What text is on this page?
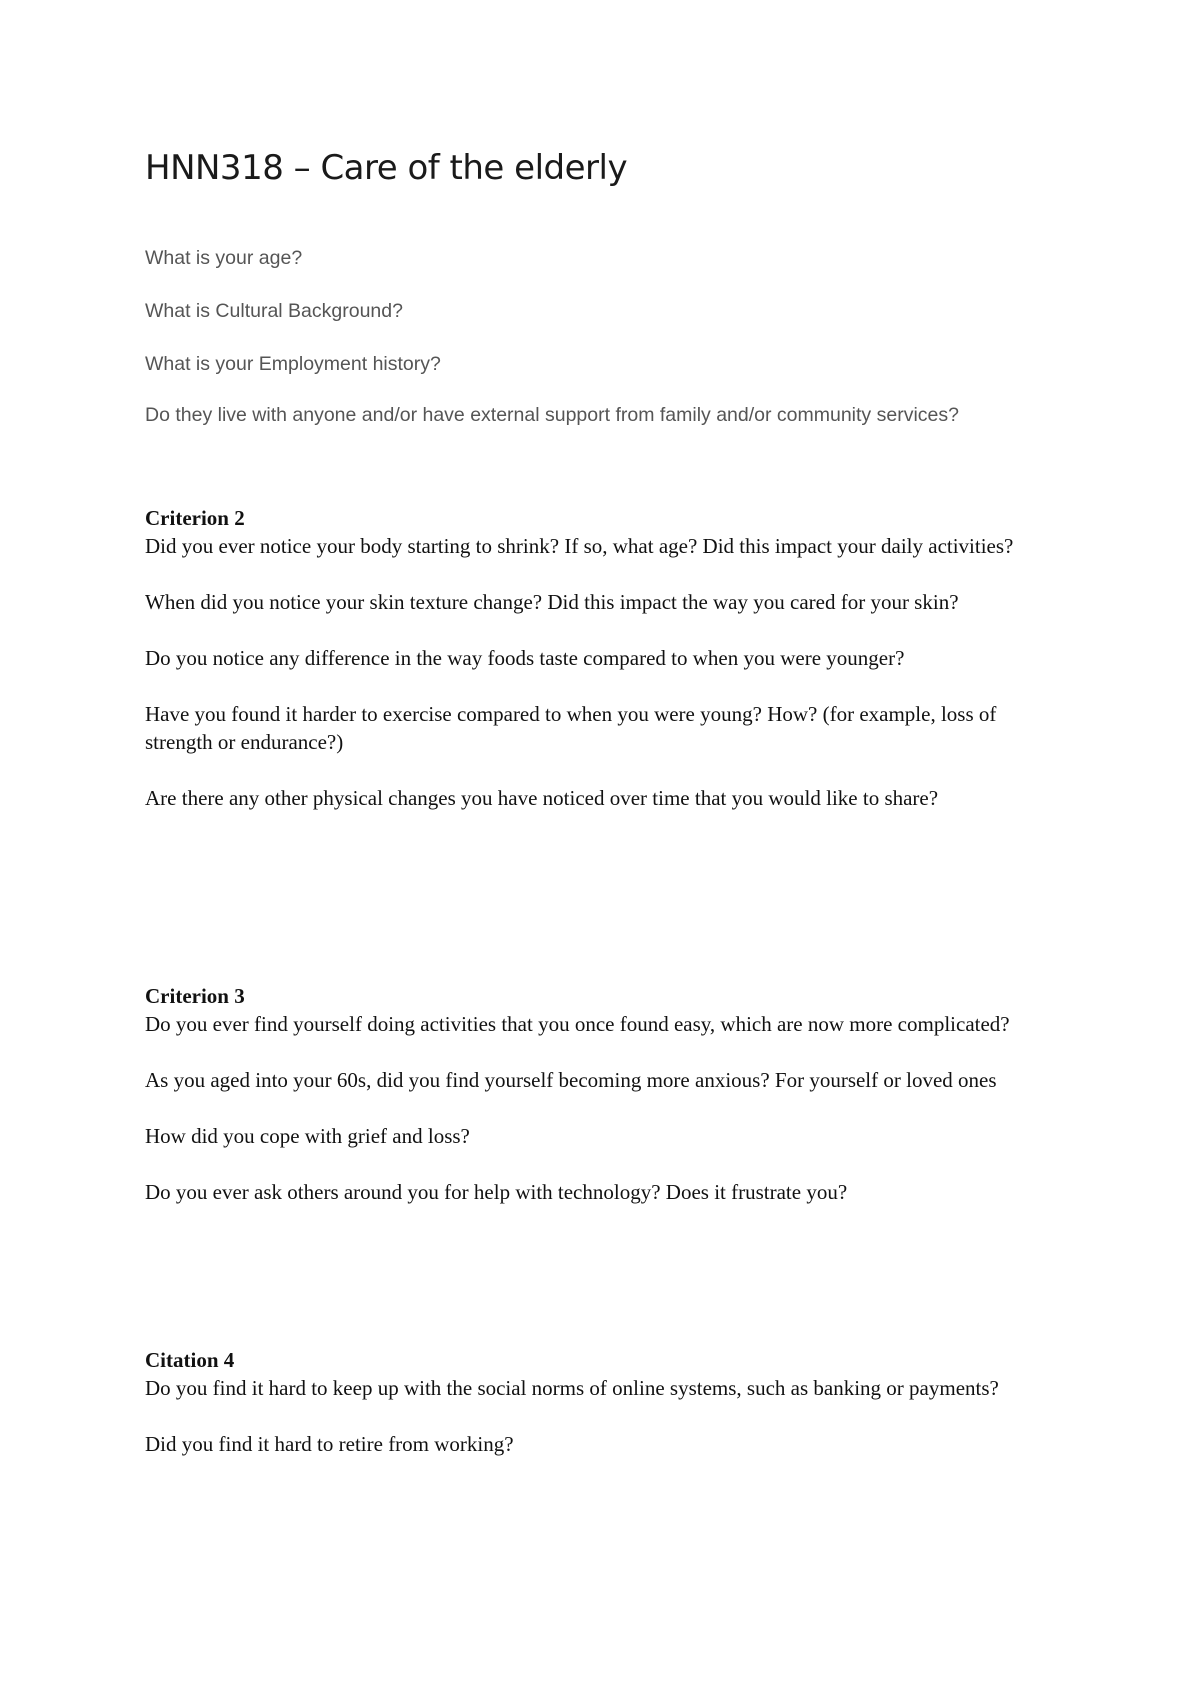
HNN318 – Care of the elderly

What is your age?

What is Cultural Background?

What is your Employment history?

Do they live with anyone and/or have external support from family and/or community services?

Criterion 2

Did you ever notice your body starting to shrink? If so, what age? Did this impact your daily activities?

When did you notice your skin texture change? Did this impact the way you cared for your skin?

Do you notice any difference in the way foods taste compared to when you were younger?

Have you found it harder to exercise compared to when you were young? How? (for example, loss of strength or endurance?)

Are there any other physical changes you have noticed over time that you would like to share?

Criterion 3

Do you ever find yourself doing activities that you once found easy, which are now more complicated?

As you aged into your 60s, did you find yourself becoming more anxious? For yourself or loved ones

How did you cope with grief and loss?

Do you ever ask others around you for help with technology? Does it frustrate you?

Citation 4

Do you find it hard to keep up with the social norms of online systems, such as banking or payments?

Did you find it hard to retire from working?
